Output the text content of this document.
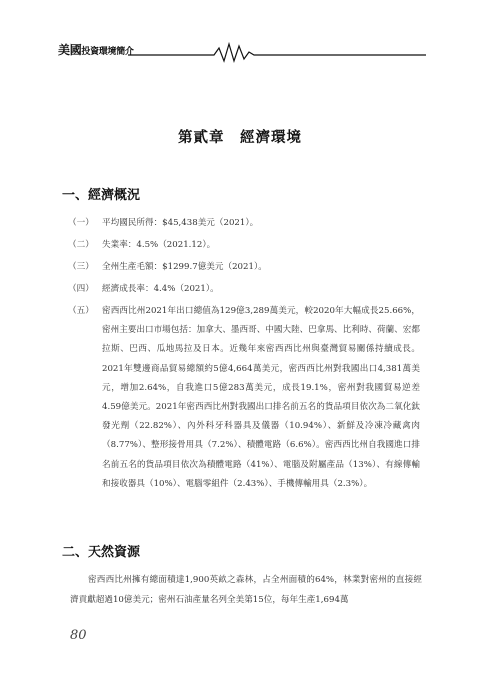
美國投資環境簡介
第貳章　經濟環境
一、經濟概況
（一） 平均國民所得：$45,438美元（2021）。
（二） 失業率：4.5%（2021.12）。
（三） 全州生產毛額：$1299.7億美元（2021）。
（四） 經濟成長率：4.4%（2021）。
（五） 密西西比州2021年出口總值為129億3,289萬美元，較2020年大幅成長25.66%，密州主要出口市場包括：加拿大、墨西哥、中國大陸、巴拿馬、比利時、荷蘭、宏都拉斯、巴西、瓜地馬拉及日本。近幾年來密西西比州與臺灣貿易關係持續成長。2021年雙邊商品貿易總額約5億4,664萬美元，密西西比州對我國出口4,381萬美元，增加2.64%，自我進口5億283萬美元，成長19.1%，密州對我國貿易逆差4.59億美元。2021年密西西比州對我國出口排名前五名的貨品項目依次為二氧化鈦發光劑（22.82%）、內外科牙科器具及儀器（10.94%）、新鮮及冷凍冷藏禽肉（8.77%）、整形接骨用具（7.2%）、積體電路（6.6%）。密西西比州自我國進口排名前五名的貨品項目依次為積體電路（41%）、電腦及附屬產品（13%）、有線傳輸和接收器具（10%）、電腦零組件（2.43%）、手機傳輸用具（2.3%）。
二、天然資源
密西西比州擁有總面積達1,900英畝之森林，占全州面積的64%，林業對密州的直接經濟貢獻超過10億美元；密州石油產量名列全美第15位，每年生產1,694萬
80
